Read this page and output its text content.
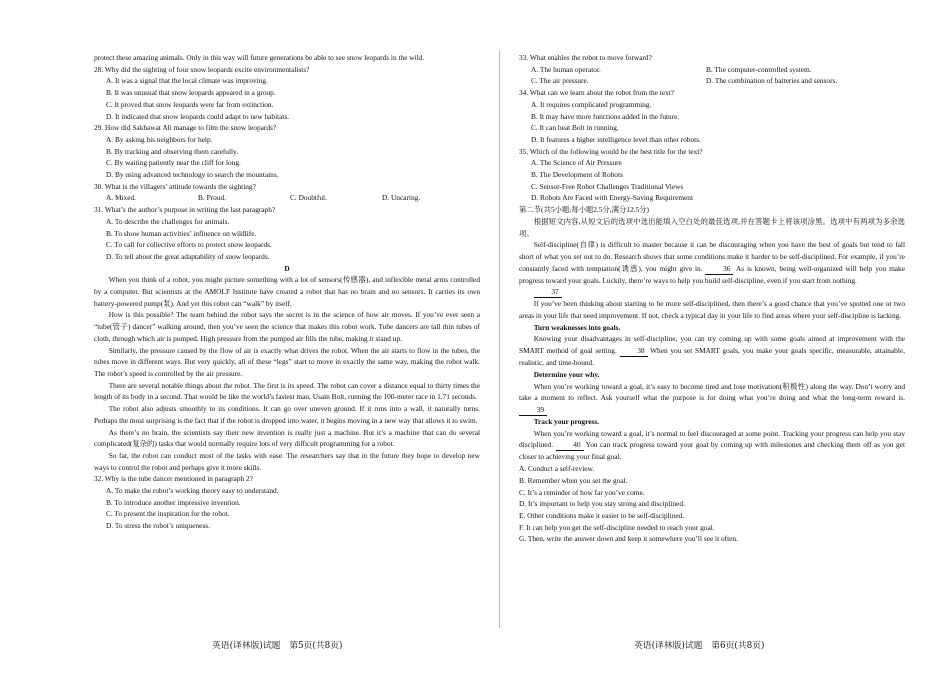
protect these amazing animals. Only in this way will future generations be able to see snow leopards in the wild.
28. Why did the sighting of four snow leopards excite environmentalists?
A. It was a signal that the local climate was improving.
B. It was unusual that snow leopards appeared in a group.
C. It proved that snow leopards were far from extinction.
D. It indicated that snow leopards could adapt to new habitats.
29. How did Sakhawat Ali manage to film the snow leopards?
A. By asking his neighbors for help.
B. By tracking and observing them carefully.
C. By waiting patiently near the cliff for long.
D. By using advanced technology to search the mountains.
30. What is the villagers’ attitude towards the sighting?
A. Mixed.	B. Proud.	C. Doubtful.	D. Uncaring.
31. What’s the author’s purpose in writing the last paragraph?
A. To describe the challenges for animals.
B. To show human activities’ influence on wildlife.
C. To call for collective efforts to protect snow leopards.
D. To tell about the great adaptability of snow leopards.
D
When you think of a robot, you might picture something with a lot of sensors(传感器), and inflexible metal arms controlled by a computer. But scientists at the AMOLF Institute have created a robot that has no brain and no sensors. It carries its own battery-powered pump(泵). And yet this robot can “walk” by itself.
How is this possible? The team behind the robot says the secret is in the science of how air moves. If you’ve ever seen a “tube(管子) dancer” walking around, then you’ve seen the science that makes this robot work. Tube dancers are tall thin tubes of cloth, through which air is pumped. High pressure from the pumped air fills the tube, making it stand up.
Similarly, the pressure caused by the flow of air is exactly what drives the robot. When the air starts to flow in the tubes, the tubes move in different ways. But very quickly, all of these “legs” start to move in exactly the same way, making the robot walk. The robot’s speed is controlled by the air pressure.
There are several notable things about the robot. The first is its speed. The robot can cover a distance equal to thirty times the length of its body in a second. That would be like the world’s fastest man, Usain Bolt, running the 100-meter race in 1.71 seconds.
The robot also adjusts smoothly to its conditions. It can go over uneven ground. If it runs into a wall, it naturally turns. Perhaps the most surprising is the fact that if the robot is dropped into water, it begins moving in a new way that allows it to swim.
As there’s no brain, the scientists say their new invention is really just a machine. But it’s a machine that can do several complicated(复杂的) tasks that would normally require lots of very difficult programming for a robot.
So far, the robot can conduct most of the tasks with ease. The researchers say that in the future they hope to develop new ways to control the robot and perhaps give it more skills.
32. Why is the tube dancer mentioned in paragraph 2?
A. To make the robot’s working theory easy to understand.
B. To introduce another impressive invention.
C. To present the inspiration for the robot.
D. To stress the robot’s uniqueness.
33. What enables the robot to move forward?
A. The human operator.	B. The computer-controlled system.
C. The air pressure.	D. The combination of batteries and sensors.
34. What can we learn about the robot from the text?
A. It requires complicated programming.
B. It may have more functions added in the future.
C. It can beat Bolt in running.
D. It features a higher intelligence level than other robots.
35. Which of the following would be the best title for the text?
A. The Science of Air Pressure
B. The Development of Robots
C. Sensor-Free Robot Challenges Traditional Views
D. Robots Are Faced with Energy-Saving Requirement
第二节(共5小题;每小题2.5分,满分12.5分)
根据短文内容,从短文后的选项中选出能填入空白处的最佳选项,并在答题卡上将该项涂黑。选项中有两项为多余选项。
Self-discipline(自律) is difficult to master because it can be discouraging when you have the best of goals but tend to fall short of what you set out to do. Research shows that some conditions make it harder to be self-disciplined. For example, if you’re constantly faced with temptation(诱惑), you might give in. 36 As is known, being well-organized will help you make progress toward your goals. Luckily, there’re ways to help you build self-discipline, even if you start from nothing.
37
If you’ve been thinking about starting to be more self-disciplined, then there’s a good chance that you’ve spotted one or two areas in your life that need improvement. If not, check a typical day in your life to find areas where your self-discipline is lacking.
Turn weaknesses into goals.
Knowing your disadvantages in self-discipline, you can try coming up with some goals aimed at improvement with the SMART method of goal setting. 38 When you set SMART goals, you make your goals specific, measurable, attainable, realistic, and time-bound.
Determine your why.
When you’re working toward a goal, it’s easy to become tired and lose motivation(积极性) along the way. Don’t worry and take a moment to reflect. Ask yourself what the purpose is for doing what you’re doing and what the long-term reward is. 39
Track your progress.
When you’re working toward a goal, it’s normal to feel discouraged at some point. Tracking your progress can help you stay disciplined. 40 You can track progress toward your goal by coming up with milestones and checking them off as you get closer to achieving your final goal.
A. Conduct a self-review.
B. Remember when you set the goal.
C. It’s a reminder of how far you’ve come.
D. It’s important to help you stay strong and disciplined.
E. Other conditions make it easier to be self-disciplined.
F. It can help you get the self-discipline needed to reach your goal.
G. Then, write the answer down and keep it somewhere you’ll see it often.
英语(译林版)试题　第5页(共8页)	英语(译林版)试题　第6页(共8页)
